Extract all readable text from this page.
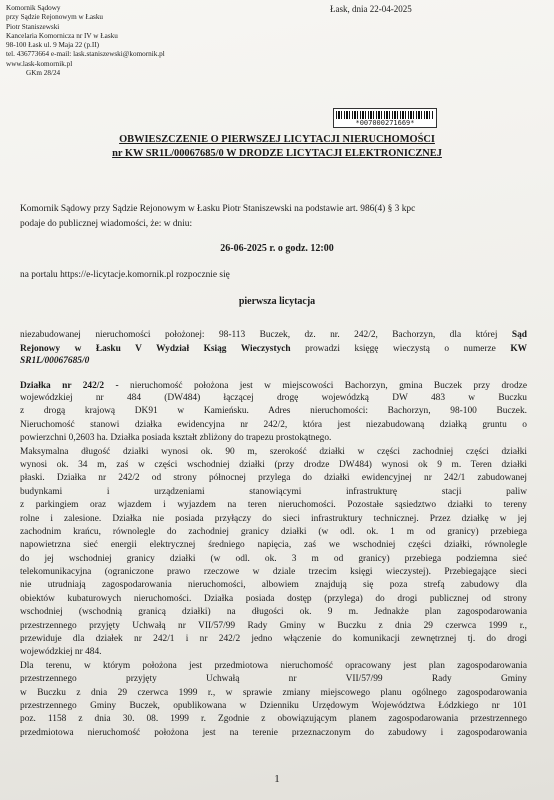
Komornik Sądowy
przy Sądzie Rejonowym w Łasku
Piotr Staniszewski
Kancelaria Komornicza nr IV w Łasku
98-100 Łask ul. 9 Maja 22 (p.II)
tel. 436773664 e-mail: lask.staniszewski@komornik.pl
www.lask-komornik.pl
GKm 28/24
Łask, dnia 22-04-2025
*007000271669*
OBWIESZCZENIE O PIERWSZEJ LICYTACJI NIERUCHOMOŚCI
nr KW SR1L/00067685/0 W DRODZE LICYTACJI ELEKTRONICZNEJ
Komornik Sądowy przy Sądzie Rejonowym w Łasku Piotr Staniszewski na podstawie art. 986(4) § 3 kpc
podaje do publicznej wiadomości, że: w dniu:
26-06-2025 r. o godz. 12:00
na portalu https://e-licytacje.komornik.pl rozpocznie się
pierwsza licytacja
niezabudowanej nieruchomości położonej: 98-113 Buczek, dz. nr. 242/2, Bachorzyn, dla której Sąd
Rejonowy w Łasku V Wydział Ksiąg Wieczystych prowadzi księgę wieczystą o numerze KW
SR1L/00067685/0
Działka nr 242/2 - nieruchomość położona jest w miejscowości Bachorzyn, gmina Buczek przy drodze
wojewódzkiej nr 484 (DW484) łączącej drogę wojewódzką DW 483 w Buczku
z drogą krajową DK91 w Kamieńsku. Adres nieruchomości: Bachorzyn, 98-100 Buczek.
Nieruchomość stanowi działka ewidencyjna nr 242/2, która jest niezabudowaną działką gruntu o
powierzchni 0,2603 ha. Działka posiada kształt zbliżony do trapezu prostokątnego.
Maksymalna długość działki wynosi ok. 90 m, szerokość działki w części zachodniej części działki
wynosi ok. 34 m, zaś w części wschodniej działki (przy drodze DW484) wynosi ok 9 m. Teren działki
płaski. Działka nr 242/2 od strony północnej przylega do działki ewidencyjnej nr 242/1 zabudowanej
budynkami i urządzeniami stanowiącymi infrastrukturę stacji paliw
z parkingiem oraz wjazdem i wyjazdem na teren nieruchomości. Pozostałe sąsiedztwo działki to tereny
rolne i zalesione. Działka nie posiada przyłączy do sieci infrastruktury technicznej. Przez działkę w jej
zachodnim krańcu, równolegle do zachodniej granicy działki (w odl. ok. 1 m od granicy) przebiega
napowietrzna sieć energii elektrycznej średniego napięcia, zaś we wschodniej części działki, równolegle
do jej wschodniej granicy działki (w odl. ok. 3 m od granicy) przebiega podziemna sieć
telekomunikacyjna (ograniczone prawo rzeczowe w dziale trzecim księgi wieczystej). Przebiegające sieci
nie utrudniają zagospodarowania nieruchomości, albowiem znajdują się poza strefą zabudowy dla
obiektów kubaturowych nieruchomości. Działka posiada dostęp (przylega) do drogi publicznej od strony
wschodniej (wschodnią granicą działki) na długości ok. 9 m. Jednakże plan zagospodarowania
przestrzennego przyjęty Uchwałą nr VII/57/99 Rady Gminy w Buczku z dnia 29 czerwca 1999 r.,
przewiduje dla działek nr 242/1 i nr 242/2 jedno włączenie do komunikacji zewnętrznej tj. do drogi
wojewódzkiej nr 484.
Dla terenu, w którym położona jest przedmiotowa nieruchomość opracowany jest plan zagospodarowania
przestrzennego przyjęty Uchwałą nr VII/57/99 Rady Gminy
w Buczku z dnia 29 czerwca 1999 r., w sprawie zmiany miejscowego planu ogólnego zagospodarowania
przestrzennego Gminy Buczek, opublikowana w Dzienniku Urzędowym Województwa Łódzkiego nr 101
poz. 1158 z dnia 30. 08. 1999 r. Zgodnie z obowiązującym planem zagospodarowania przestrzennego
przedmiotowa nieruchomość położona jest na terenie przeznaczonym do zabudowy i zagospodarowania
1
